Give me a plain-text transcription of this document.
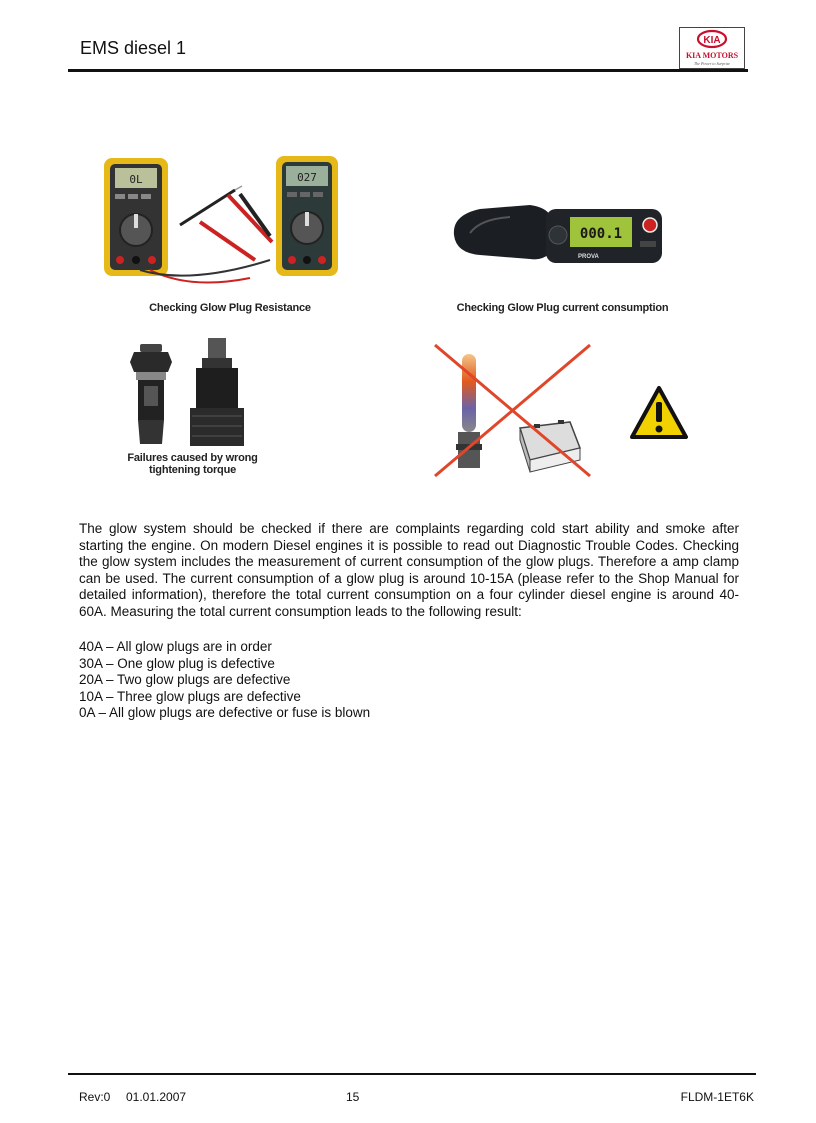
EMS diesel 1	KIA
KIA MOTORS
The Power to Surprise
0L	027
Checking Glow Plug Resistance
000.1
PROVA
Checking Glow Plug current consumption
Failures caused by wrong
tightening torque

The glow system should be checked if there are complaints regarding cold start ability and smoke after starting the engine. On modern Diesel engines it is possible to read out Diagnostic Trouble Codes. Checking the glow system includes the measurement of current consumption of the glow plugs. Therefore a amp clamp can be used. The current consumption of a glow plug is around 10-15A (please refer to the Shop Manual for detailed information), therefore the total current consumption on a four cylinder diesel engine is around 40-60A. Measuring the total current consumption leads to the following result:

40A – All glow plugs are in order
30A – One glow plug is defective
20A – Two glow plugs are defective
10A – Three glow plugs are defective
0A – All glow plugs are defective or fuse is blown
Rev:0 01.01.2007	15	FLDM-1ET6K
